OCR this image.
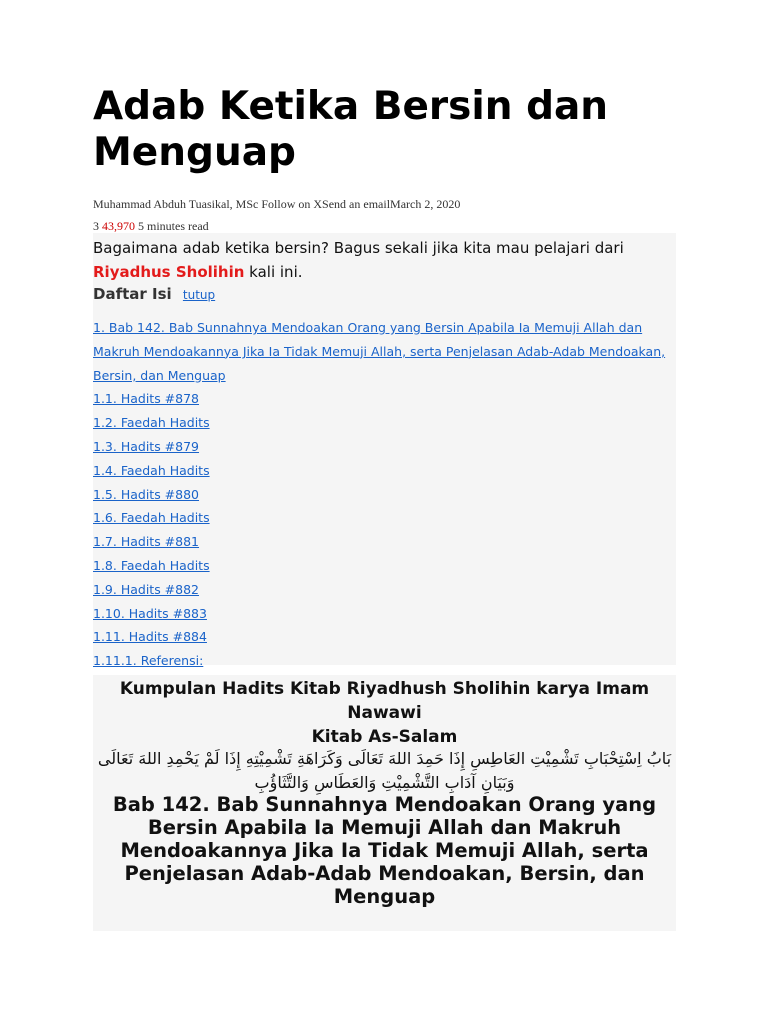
Adab Ketika Bersin dan Menguap
Muhammad Abduh Tuasikal, MSc Follow on XSend an emailMarch 2, 2020
3 43,970 5 minutes read
Bagaimana adab ketika bersin? Bagus sekali jika kita mau pelajari dari Riyadhus Sholihin kali ini.
Daftar Isi tutup
1. Bab 142. Bab Sunnahnya Mendoakan Orang yang Bersin Apabila Ia Memuji Allah dan Makruh Mendoakannya Jika Ia Tidak Memuji Allah, serta Penjelasan Adab-Adab Mendoakan, Bersin, dan Menguap
1.1. Hadits #878
1.2. Faedah Hadits
1.3. Hadits #879
1.4. Faedah Hadits
1.5. Hadits #880
1.6. Faedah Hadits
1.7. Hadits #881
1.8. Faedah Hadits
1.9. Hadits #882
1.10. Hadits #883
1.11. Hadits #884
1.11.1. Referensi:
Kumpulan Hadits Kitab Riyadhush Sholihin karya Imam Nawawi
Kitab As-Salam
بَابُ اِسْتِحْبَابِ تَشْمِيْتِ العَاطِسِ إِذَا حَمِدَ اللهَ تَعَالَى وَكَرَاهَةِ تَشْمِيْتِهِ إِذَا لَمْ يَحْمِدِ اللهَ تَعَالَى وَبَيَانِ آدَابِ التَّشْمِيْتِ وَالعَطَاسِ وَالتَّثَاؤُبِ
Bab 142. Bab Sunnahnya Mendoakan Orang yang Bersin Apabila Ia Memuji Allah dan Makruh Mendoakannya Jika Ia Tidak Memuji Allah, serta Penjelasan Adab-Adab Mendoakan, Bersin, dan Menguap
